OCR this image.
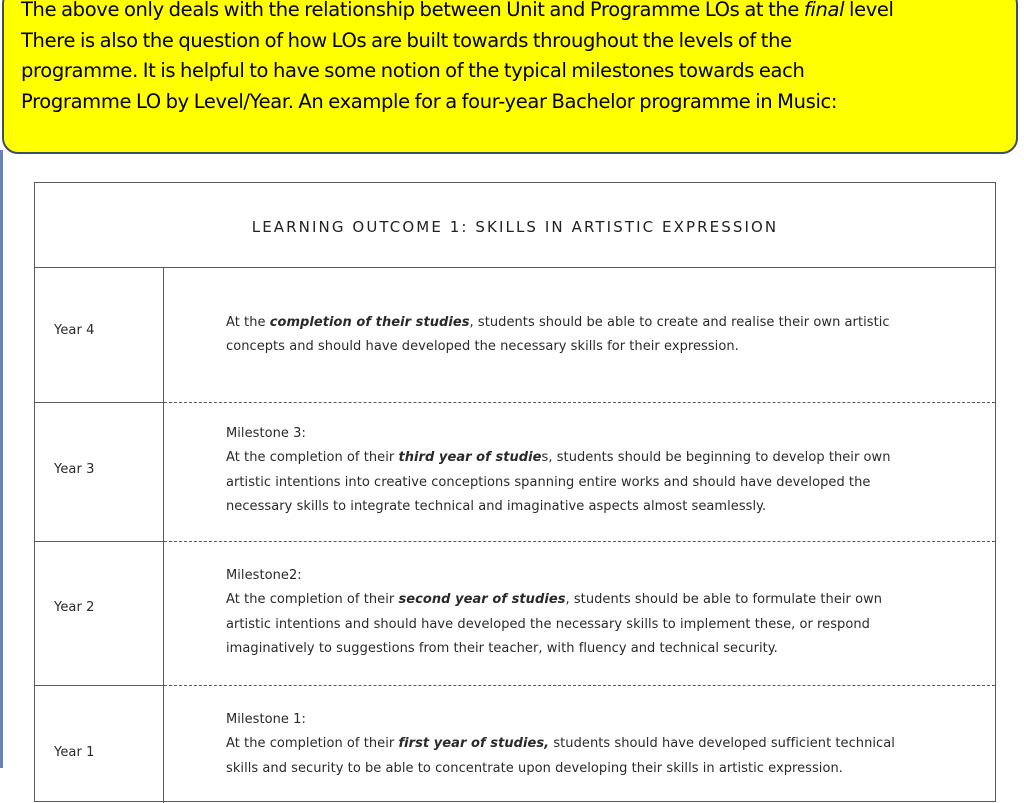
The above only deals with the relationship between Unit and Programme LOs at the final level
There is also the question of how LOs are built towards throughout the levels of the
programme. It is helpful to have some notion of the typical milestones towards each
Programme LO by Level/Year. An example for a four-year Bachelor programme in Music:

LEARNING OUTCOME 1: SKILLS IN ARTISTIC EXPRESSION
Year 4
At the completion of their studies, students should be able to create and realise their own artistic
concepts and should have developed the necessary skills for their expression.
Year 3
Milestone 3:
At the completion of their third year of studies, students should be beginning to develop their own
artistic intentions into creative conceptions spanning entire works and should have developed the
necessary skills to integrate technical and imaginative aspects almost seamlessly.
Year 2
Milestone2:
At the completion of their second year of studies, students should be able to formulate their own
artistic intentions and should have developed the necessary skills to implement these, or respond
imaginatively to suggestions from their teacher, with fluency and technical security.
Year 1
Milestone 1:
At the completion of their first year of studies, students should have developed sufficient technical
skills and security to be able to concentrate upon developing their skills in artistic expression.
